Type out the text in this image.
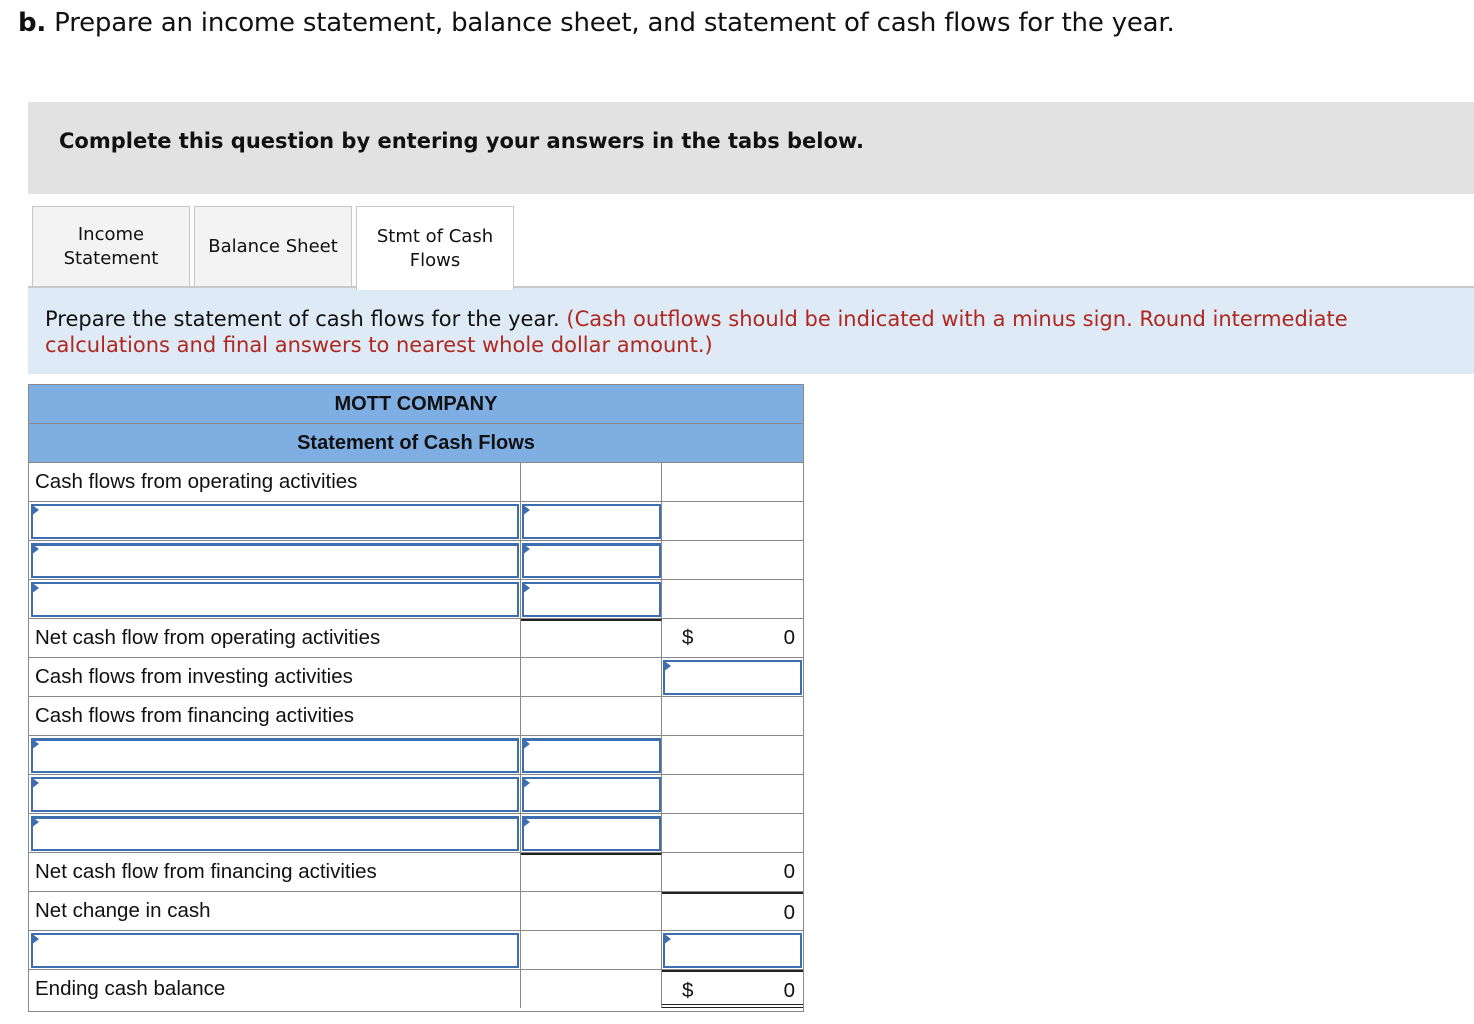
b. Prepare an income statement, balance sheet, and statement of cash flows for the year.
Complete this question by entering your answers in the tabs below.
Income
Statement
Balance Sheet Stmt of Cash
Flows

Prepare the statement of cash flows for the year. (Cash outflows should be indicated with a minus sign. Round intermediate calculations and final answers to nearest whole dollar amount.)

MOTT COMPANY
Statement of Cash Flows
Cash flows from operating activities
Net cash flow from operating activities	$	0
Cash flows from investing activities
Cash flows from financing activities
Net cash flow from financing activities	0
Net change in cash	0
Ending cash balance	$	0
